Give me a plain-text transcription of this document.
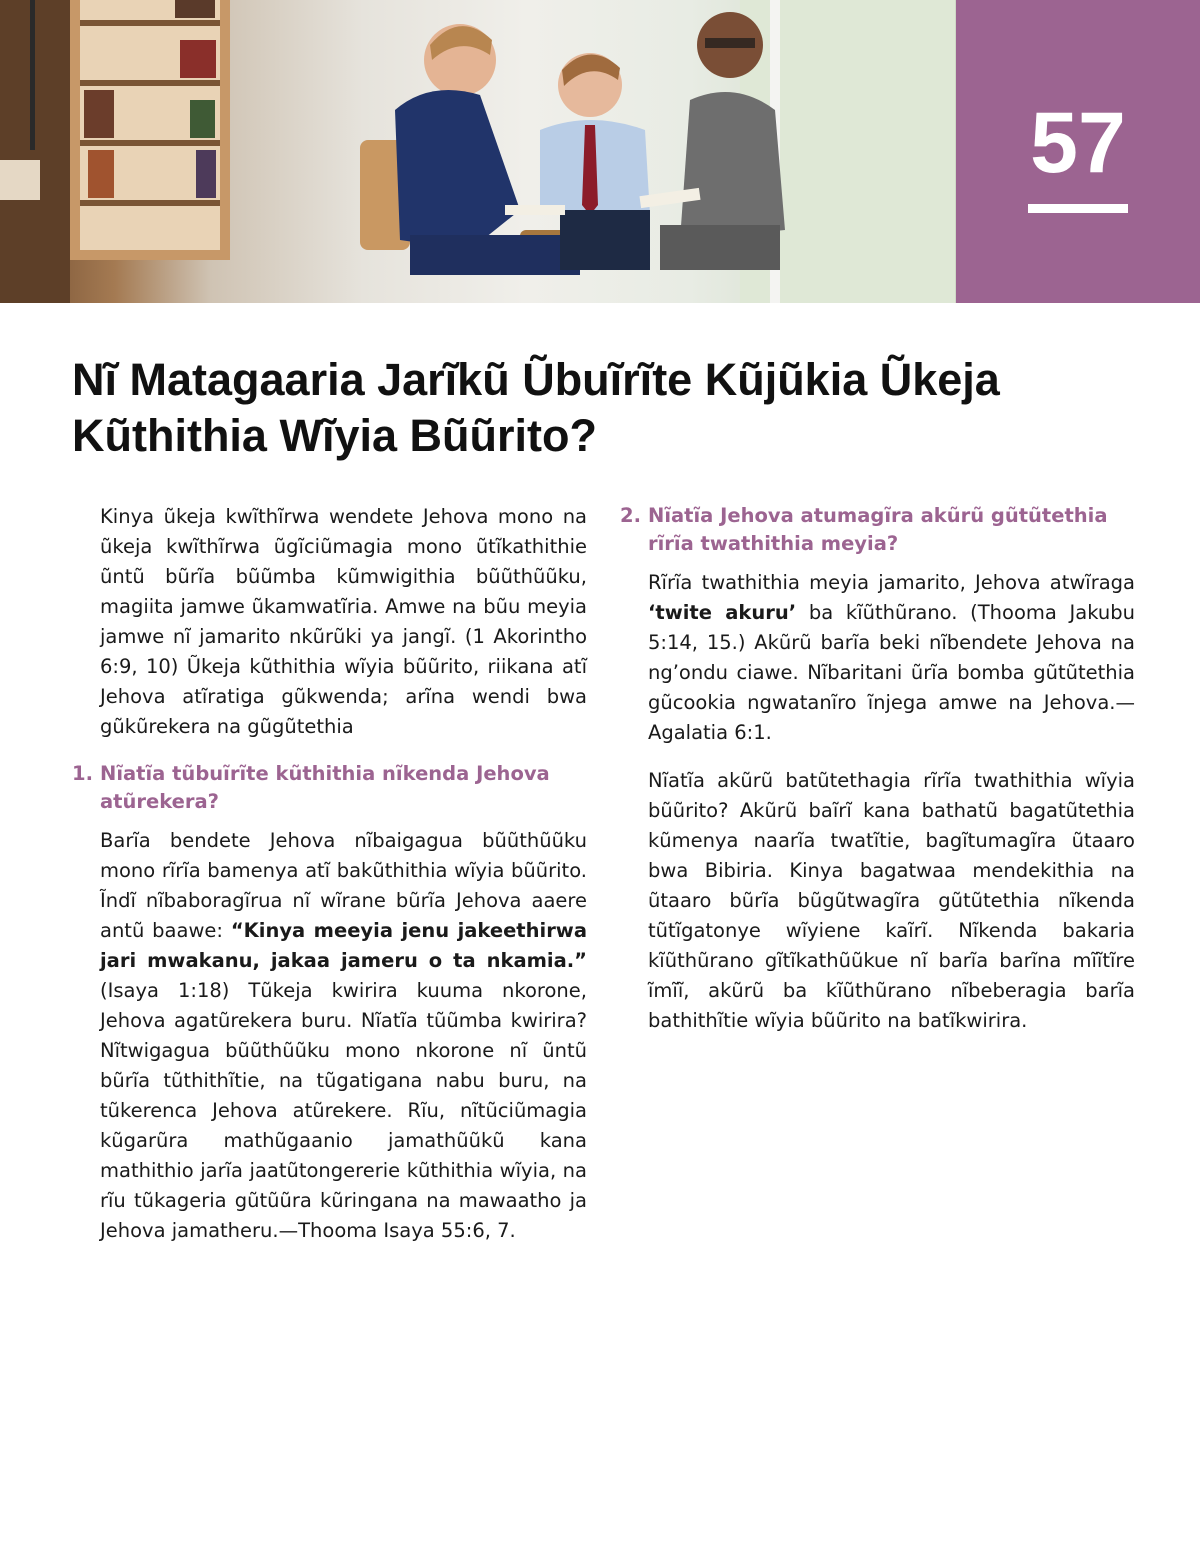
57
Nĩ Matagaaria Jarĩkũ Ũbuĩrĩte Kũjũkia Ũkeja Kũthithia Wĩyia Bũũrito?

Kinya ũkeja kwĩthĩrwa wendete Jehova mono na ũkeja kwĩthĩrwa ũgĩciũmagia mono ũtĩkathithie ũntũ bũrĩa bũũmba kũmwigithia bũũthũũku, magiita jamwe ũkamwatĩria. Amwe na bũu meyia jamwe nĩ jamarito nkũrũki ya jangĩ. (1 Akorintho 6:9, 10) Ũkeja kũthithia wĩyia bũũrito, riikana atĩ Jehova atĩratiga gũkwenda; arĩna wendi bwa gũkũrekera na gũgũtethia

1. Nĩatĩa tũbuĩrĩte kũthithia nĩkenda Jehova atũrekera?

Barĩa bendete Jehova nĩbaigagua bũũthũũku mono rĩrĩa bamenya atĩ bakũthithia wĩyia bũũrito. Ĩndĩ nĩbaboragĩrua nĩ wĩrane bũrĩa Jehova aaere antũ baawe: “Kinya meeyia jenu jakeethirwa jari mwakanu, jakaa jameru o ta nkamia.” (Isaya 1:18) Tũkeja kwirira kuuma nkorone, Jehova agatũrekera buru. Nĩatĩa tũũmba kwirira? Nĩtwigagua bũũthũũku mono nkorone nĩ ũntũ bũrĩa tũthithĩtie, na tũgatigana nabu buru, na tũkerenca Jehova atũrekere. Rĩu, nĩtũciũmagia kũgarũra mathũgaanio jamathũũkũ kana mathithio jarĩa jaatũtongererie kũthithia wĩyia, na rĩu tũkageria gũtũũra kũringana na mawaatho ja Jehova jamatheru.—Thooma Isaya 55:6, 7.

2. Nĩatĩa Jehova atumagĩra akũrũ gũtũtethia rĩrĩa twathithia meyia?

Rĩrĩa twathithia meyia jamarito, Jehova atwĩraga ‘twite akuru’ ba kĩũthũrano. (Thooma Jakubu 5:14, 15.) Akũrũ barĩa beki nĩbendete Jehova na ng’ondu ciawe. Nĩbaritani ũrĩa bomba gũtũtethia gũcookia ngwatanĩro ĩnjega amwe na Jehova.—Agalatia 6:1.

Nĩatĩa akũrũ batũtethagia rĩrĩa twathithia wĩyia bũũrito? Akũrũ baĩrĩ kana bathatũ bagatũtethia kũmenya naarĩa twatĩtie, bagĩtumagĩra ũtaaro bwa Bibiria. Kinya bagatwaa mendekithia na ũtaaro bũrĩa bũgũtwagĩra gũtũtethia nĩkenda tũtĩgatonye wĩyiene kaĩrĩ. Nĩkenda bakaria kĩũthũrano gĩtĩkathũũkue nĩ barĩa barĩna mĩĩtĩre ĩmĩĩ, akũrũ ba kĩũthũrano nĩbeberagia barĩa bathithĩtie wĩyia bũũrito na batĩkwirira.
